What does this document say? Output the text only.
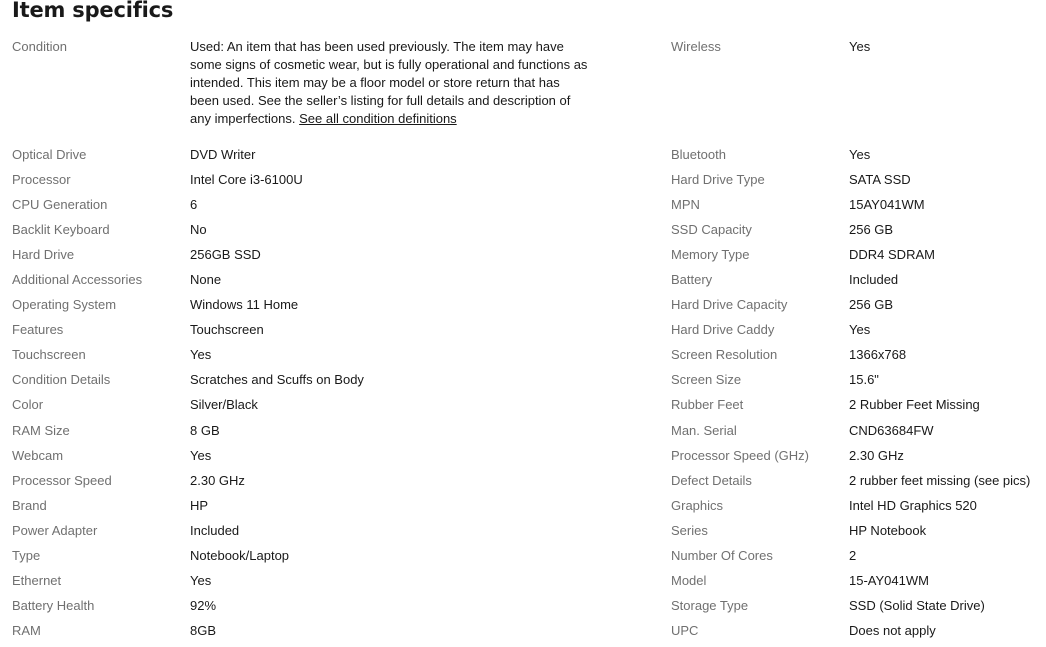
Item specifics
Condition	Used: An item that has been used previously. The item may have some signs of cosmetic wear, but is fully operational and functions as intended. This item may be a floor model or store return that has been used. See the seller’s listing for full details and description of any imperfections. See all condition definitions
Optical Drive	DVD Writer
Processor	Intel Core i3-6100U
CPU Generation	6
Backlit Keyboard	No
Hard Drive	256GB SSD
Additional Accessories	None
Operating System	Windows 11 Home
Features	Touchscreen
Touchscreen	Yes
Condition Details	Scratches and Scuffs on Body
Color	Silver/Black
RAM Size	8 GB
Webcam	Yes
Processor Speed	2.30 GHz
Brand	HP
Power Adapter	Included
Type	Notebook/Laptop
Ethernet	Yes
Battery Health	92%
RAM	8GB
Wireless	Yes
Bluetooth	Yes
Hard Drive Type	SATA SSD
MPN	15AY041WM
SSD Capacity	256 GB
Memory Type	DDR4 SDRAM
Battery	Included
Hard Drive Capacity	256 GB
Hard Drive Caddy	Yes
Screen Resolution	1366x768
Screen Size	15.6"
Rubber Feet	2 Rubber Feet Missing
Man. Serial	CND63684FW
Processor Speed (GHz)	2.30 GHz
Defect Details	2 rubber feet missing (see pics)
Graphics	Intel HD Graphics 520
Series	HP Notebook
Number Of Cores	2
Model	15-AY041WM
Storage Type	SSD (Solid State Drive)
UPC	Does not apply
